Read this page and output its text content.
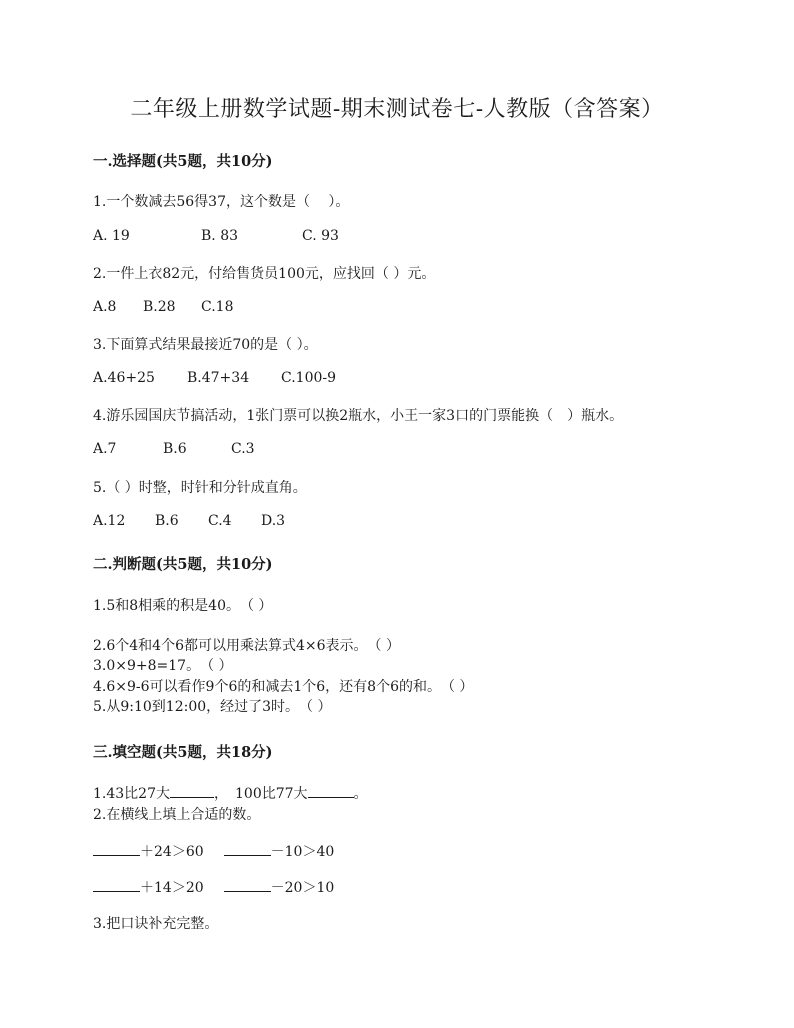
二年级上册数学试题-期末测试卷七-人教版（含答案）
一.选择题(共5题，共10分)
1.一个数减去56得37，这个数是（　 ）。
A. 19	B. 83	C. 93
2.一件上衣82元，付给售货员100元，应找回（ ）元。
A.8 B.28 C.18
3.下面算式结果最接近70的是（ ）。
A.46+25 B.47+34 C.100-9
4.游乐园国庆节搞活动，1张门票可以换2瓶水，小王一家3口的门票能换（　）瓶水。
A.7	B.6	C.3
5.（ ）时整，时针和分针成直角。
A.12 B.6 C.4 D.3
二.判断题(共5题，共10分)
1.5和8相乘的积是40。　（ ）
2.6个4和4个6都可以用乘法算式4×6表示。　（ ）
3.0×9+8=17。　（ ）
4.6×9-6可以看作9个6的和减去1个6，还有8个6的和。　（ ）
5.从9:10到12:00，经过了3时。　（ ）
三.填空题(共5题，共18分)
1.43比27大	，　100比77大	。
2.在横线上填上合适的数。
＋24＞60	－10＞40
＋14＞20	－20＞10
3.把口诀补充完整。
